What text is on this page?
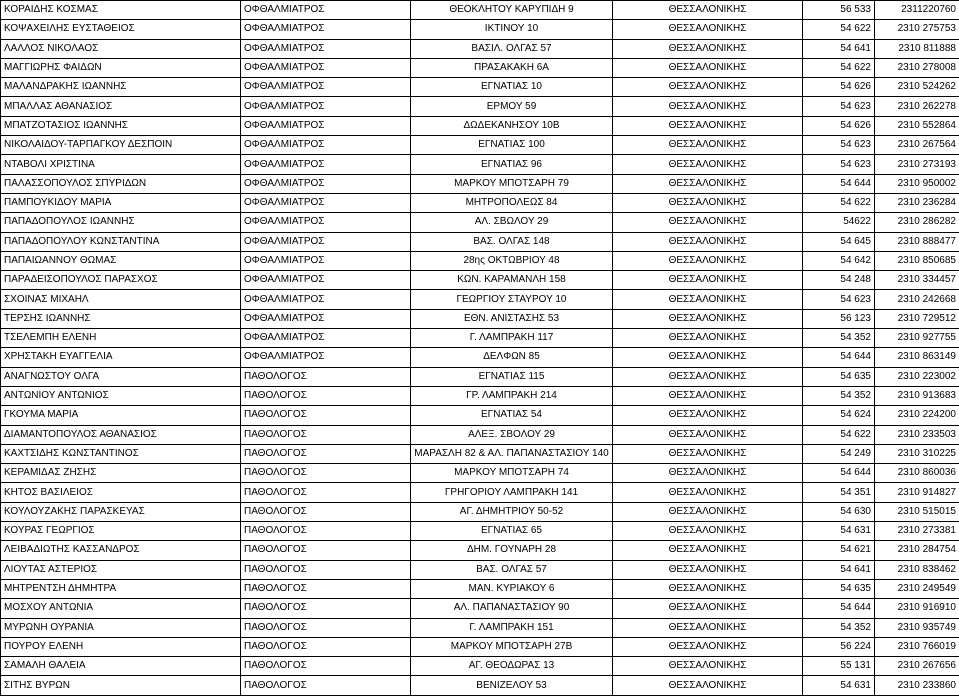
ΚΟΡΑΙΔΗΣ ΚΟΣΜΑΣ	ΟΦΘΑΛΜΙΑΤΡΟΣ	ΘΕΟΚΛΗΤΟΥ ΚΑΡΥΠΙΔΗ 9	ΘΕΣΣΑΛΟΝΙΚΗΣ	56 533	2311220760
ΚΟΨΑΧΕΙΛΗΣ ΕΥΣΤΑΘΕΙΟΣ	ΟΦΘΑΛΜΙΑΤΡΟΣ	ΙΚΤΙΝΟΥ 10	ΘΕΣΣΑΛΟΝΙΚΗΣ	54 622	2310 275753
ΛΑΛΛΟΣ ΝΙΚΟΛΑΟΣ	ΟΦΘΑΛΜΙΑΤΡΟΣ	ΒΑΣΙΛ. ΟΛΓΑΣ 57	ΘΕΣΣΑΛΟΝΙΚΗΣ	54 641	2310 811888
ΜΑΓΓΙΩΡΗΣ ΦΑΙΔΩΝ	ΟΦΘΑΛΜΙΑΤΡΟΣ	ΠΡΑΣΑΚΑΚΗ 6Α	ΘΕΣΣΑΛΟΝΙΚΗΣ	54 622	2310 278008
ΜΑΛΑΝΔΡΑΚΗΣ ΙΩΑΝΝΗΣ	ΟΦΘΑΛΜΙΑΤΡΟΣ	ΕΓΝΑΤΙΑΣ 10	ΘΕΣΣΑΛΟΝΙΚΗΣ	54 626	2310 524262
ΜΠΑΛΛΑΣ ΑΘΑΝΑΣΙΟΣ	ΟΦΘΑΛΜΙΑΤΡΟΣ	ΕΡΜΟΥ 59	ΘΕΣΣΑΛΟΝΙΚΗΣ	54 623	2310 262278
ΜΠΑΤΖΟΤΑΣΙΟΣ ΙΩΑΝΝΗΣ	ΟΦΘΑΛΜΙΑΤΡΟΣ	ΔΩΔΕΚΑΝΗΣΟΥ 10Β	ΘΕΣΣΑΛΟΝΙΚΗΣ	54 626	2310 552864
ΝΙΚΟΛΑΙΔΟΥ-ΤΑΡΠΑΓΚΟΥ ΔΕΣΠΟΙΝ	ΟΦΘΑΛΜΙΑΤΡΟΣ	ΕΓΝΑΤΙΑΣ 100	ΘΕΣΣΑΛΟΝΙΚΗΣ	54 623	2310 267564
ΝΤΑΒΟΛΙ ΧΡΙΣΤΙΝΑ	ΟΦΘΑΛΜΙΑΤΡΟΣ	ΕΓΝΑΤΙΑΣ 96	ΘΕΣΣΑΛΟΝΙΚΗΣ	54 623	2310 273193
ΠΑΛΑΣΣΟΠΟΥΛΟΣ ΣΠΥΡΙΔΩΝ	ΟΦΘΑΛΜΙΑΤΡΟΣ	ΜΑΡΚΟΥ ΜΠΟΤΣΑΡΗ 79	ΘΕΣΣΑΛΟΝΙΚΗΣ	54 644	2310 950002
ΠΑΜΠΟΥΚΙΔΟΥ ΜΑΡΙΑ	ΟΦΘΑΛΜΙΑΤΡΟΣ	ΜΗΤΡΟΠΟΛΕΩΣ 84	ΘΕΣΣΑΛΟΝΙΚΗΣ	54 622	2310 236284
ΠΑΠΑΔΟΠΟΥΛΟΣ ΙΩΑΝΝΗΣ	ΟΦΘΑΛΜΙΑΤΡΟΣ	ΑΛ. ΣΒΩΛΟΥ 29	ΘΕΣΣΑΛΟΝΙΚΗΣ	54622	2310 286282
ΠΑΠΑΔΟΠΟΥΛΟΥ ΚΩΝΣΤΑΝΤΙΝΑ	ΟΦΘΑΛΜΙΑΤΡΟΣ	ΒΑΣ. ΟΛΓΑΣ 148	ΘΕΣΣΑΛΟΝΙΚΗΣ	54 645	2310 888477
ΠΑΠΑΙΩΑΝΝΟΥ ΘΩΜΑΣ	ΟΦΘΑΛΜΙΑΤΡΟΣ	28ης ΟΚΤΩΒΡΙΟΥ 48	ΘΕΣΣΑΛΟΝΙΚΗΣ	54 642	2310 850685
ΠΑΡΑΔΕΙΣΟΠΟΥΛΟΣ ΠΑΡΑΣΧΟΣ	ΟΦΘΑΛΜΙΑΤΡΟΣ	ΚΩΝ. ΚΑΡΑΜΑΝΛΗ 158	ΘΕΣΣΑΛΟΝΙΚΗΣ	54 248	2310 334457
ΣΧΟΙΝΑΣ ΜΙΧΑΗΛ	ΟΦΘΑΛΜΙΑΤΡΟΣ	ΓΕΩΡΓΙΟΥ ΣΤΑΥΡΟΥ 10	ΘΕΣΣΑΛΟΝΙΚΗΣ	54 623	2310 242668
ΤΕΡΣΗΣ ΙΩΑΝΝΗΣ	ΟΦΘΑΛΜΙΑΤΡΟΣ	ΕΘΝ. ΑΝΙΣΤΑΣΗΣ 53	ΘΕΣΣΑΛΟΝΙΚΗΣ	56 123	2310 729512
ΤΣΕΛΕΜΠΗ ΕΛΕΝΗ	ΟΦΘΑΛΜΙΑΤΡΟΣ	Γ. ΛΑΜΠΡΑΚΗ 117	ΘΕΣΣΑΛΟΝΙΚΗΣ	54 352	2310 927755
ΧΡΗΣΤΑΚΗ ΕΥΑΓΓΕΛΙΑ	ΟΦΘΑΛΜΙΑΤΡΟΣ	ΔΕΛΦΩΝ 85	ΘΕΣΣΑΛΟΝΙΚΗΣ	54 644	2310 863149
ΑΝΑΓΝΩΣΤΟΥ ΟΛΓΑ	ΠΑΘΟΛΟΓΟΣ	ΕΓΝΑΤΙΑΣ 115	ΘΕΣΣΑΛΟΝΙΚΗΣ	54 635	2310 223002
ΑΝΤΩΝΙΟΥ ΑΝΤΩΝΙΟΣ	ΠΑΘΟΛΟΓΟΣ	ΓΡ. ΛΑΜΠΡΑΚΗ 214	ΘΕΣΣΑΛΟΝΙΚΗΣ	54 352	2310 913683
ΓΚΟΥΜΑ ΜΑΡΙΑ	ΠΑΘΟΛΟΓΟΣ	ΕΓΝΑΤΙΑΣ 54	ΘΕΣΣΑΛΟΝΙΚΗΣ	54 624	2310 224200
ΔΙΑΜΑΝΤΟΠΟΥΛΟΣ ΑΘΑΝΑΣΙΟΣ	ΠΑΘΟΛΟΓΟΣ	ΑΛΕΞ. ΣΒΟΛΟΥ 29	ΘΕΣΣΑΛΟΝΙΚΗΣ	54 622	2310 233503
ΚΑΧΤΣΙΔΗΣ ΚΩΝΣΤΑΝΤΙΝΟΣ	ΠΑΘΟΛΟΓΟΣ	ΜΑΡΑΣΛΗ 82 & ΑΛ. ΠΑΠΑΝΑΣΤΑΣΙΟΥ 140	ΘΕΣΣΑΛΟΝΙΚΗΣ	54 249	2310 310225
ΚΕΡΑΜΙΔΑΣ ΖΗΣΗΣ	ΠΑΘΟΛΟΓΟΣ	ΜΑΡΚΟΥ ΜΠΟΤΣΑΡΗ 74	ΘΕΣΣΑΛΟΝΙΚΗΣ	54 644	2310 860036
ΚΗΤΟΣ ΒΑΣΙΛΕΙΟΣ	ΠΑΘΟΛΟΓΟΣ	ΓΡΗΓΟΡΙΟΥ ΛΑΜΠΡΑΚΗ 141	ΘΕΣΣΑΛΟΝΙΚΗΣ	54 351	2310 914827
ΚΟΥΛΟΥΖΑΚΗΣ ΠΑΡΑΣΚΕΥΑΣ	ΠΑΘΟΛΟΓΟΣ	ΑΓ. ΔΗΜΗΤΡΙΟΥ 50-52	ΘΕΣΣΑΛΟΝΙΚΗΣ	54 630	2310 515015
ΚΟΥΡΑΣ ΓΕΩΡΓΙΟΣ	ΠΑΘΟΛΟΓΟΣ	ΕΓΝΑΤΙΑΣ 65	ΘΕΣΣΑΛΟΝΙΚΗΣ	54 631	2310 273381
ΛΕΙΒΑΔΙΩΤΗΣ ΚΑΣΣΑΝΔΡΟΣ	ΠΑΘΟΛΟΓΟΣ	ΔΗΜ. ΓΟΥΝΑΡΗ 28	ΘΕΣΣΑΛΟΝΙΚΗΣ	54 621	2310 284754
ΛΙΟΥΤΑΣ ΑΣΤΕΡΙΟΣ	ΠΑΘΟΛΟΓΟΣ	ΒΑΣ. ΟΛΓΑΣ 57	ΘΕΣΣΑΛΟΝΙΚΗΣ	54 641	2310 838462
ΜΗΤΡΕΝΤΣΗ ΔΗΜΗΤΡΑ	ΠΑΘΟΛΟΓΟΣ	ΜΑΝ. ΚΥΡΙΑΚΟΥ 6	ΘΕΣΣΑΛΟΝΙΚΗΣ	54 635	2310 249549
ΜΟΣΧΟΥ ΑΝΤΩΝΙΑ	ΠΑΘΟΛΟΓΟΣ	ΑΛ. ΠΑΠΑΝΑΣΤΑΣΙΟΥ 90	ΘΕΣΣΑΛΟΝΙΚΗΣ	54 644	2310 916910
ΜΥΡΩΝΗ ΟΥΡΑΝΙΑ	ΠΑΘΟΛΟΓΟΣ	Γ. ΛΑΜΠΡΑΚΗ 151	ΘΕΣΣΑΛΟΝΙΚΗΣ	54 352	2310 935749
ΠΟΥΡΟΥ ΕΛΕΝΗ	ΠΑΘΟΛΟΓΟΣ	ΜΑΡΚΟΥ ΜΠΟΤΣΑΡΗ 27Β	ΘΕΣΣΑΛΟΝΙΚΗΣ	56 224	2310 766019
ΣΑΜΑΛΗ ΘΑΛΕΙΑ	ΠΑΘΟΛΟΓΟΣ	ΑΓ. ΘΕΟΔΩΡΑΣ 13	ΘΕΣΣΑΛΟΝΙΚΗΣ	55 131	2310 267656
ΣΙΤΗΣ ΒΥΡΩΝ	ΠΑΘΟΛΟΓΟΣ	ΒΕΝΙΖΕΛΟΥ 53	ΘΕΣΣΑΛΟΝΙΚΗΣ	54 631	2310 233860
